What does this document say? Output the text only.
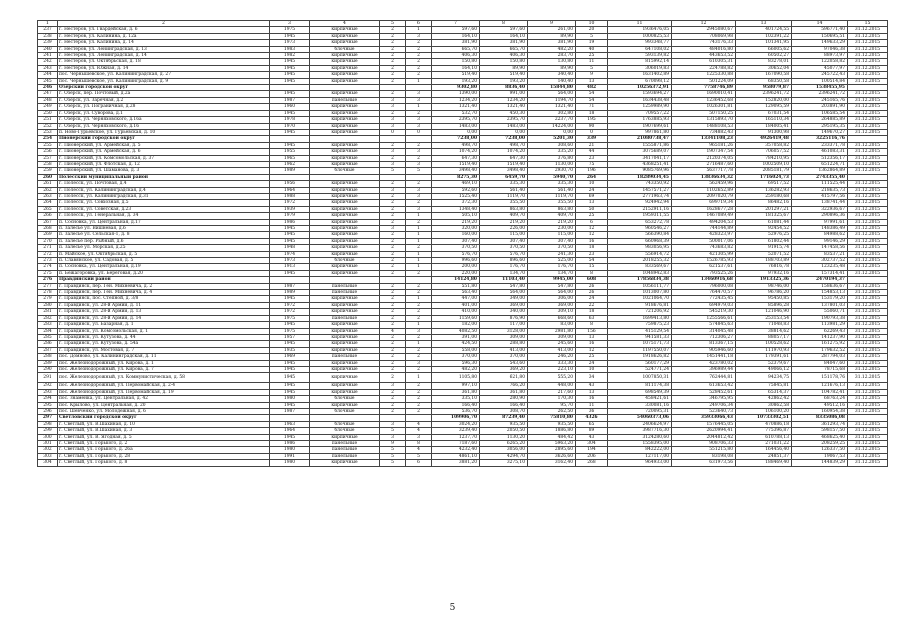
1	2	3	4	5	6	7	8	9	10	11	12	13	14	15
237	г. Нестеров, ул. Гвардейская, д. 6	1975	кирпичные	2	1	597,60	597,60	261,00	20	1936476,05	2945080,67	401724,55	596771,40	31.12.2015
238	г. Нестеров, ул. Калинина, д. 12а	1945	кирпичные	2	3	164,10	164,10	89,90	5	1000825,53	708069,98	102391,22	150695,51	31.12.2015
239	г. Нестеров, ул. Калинина, д. 14	1973	кирпичные	2	2	381,90	381,90	381,90	19	993348,77	743176,33	101341,95	149633,29	31.12.2015
240	г. Нестеров, ул. Ленинградская, д. 13	1983	блочные	2	2	665,70	665,70	482,20	40	647108,02	484016,80	66005,62	97046,38	31.12.2015
241	г. Нестеров, ул. Ленинградская, д. 14	1982	кирпичные	2	2	406,30	406,30	283,70	25	593139,82	443653,52	60502,27	88973,97	31.12.2015
242	г. Нестеров, ул. Октябрьская, д. 18	1945	кирпичные	2	2	150,80	150,80	130,80	11	815992,14	610305,31	83278,01	122058,82	31.12.2015
243	г. Нестеров, ул. Южная, д. 14	1945	кирпичные	2	2	164,10	89,90	89,90	5	306019,83	224788,82	30652,04	45077,97	31.12.2015
244	пос. Чернышевское, ул. Калининградская, д. 27	1945	кирпичные	2	2	519,40	519,40	340,40	9	1631402,89	1225330,88	167090,58	245722,43	31.12.2015
245	пос. Чернышевское, ул. Калининградская, д. 9	1945	кирпичные	2	1	193,20	193,20	140,40	13	670098,12	501224,09	68350,58	100514,84	31.12.2015
246	Озёрский городской округ					9302,80	8836,40	15844,80	482	10256372,91	7758746,89	958079,87	1538455,95	
247	г. Озерск, пер. Почтовый, д.2а	1945	кирпичные	2	3	1390,00	991,00	564,00	54	1593694,27	1690010,41	2396241,72	2396241,72	31.12.2015
248	г. Озерск, ул. Заречная, д.2	1987	панельные	3	3	1234,20	1234,20	1194,70	54	1634438,48	1236452,68	152820,00	245165,76	31.12.2015
249	г. Озерск, ул. Пограничная, д.28	1960	кирпичные	3	1	1321,40	1321,40	1321,40	71	1259989,90	1026301,81	129095,59	203891,90	31.12.2015
250	г. Озерск, ул. Суворова, д.1	1945	кирпичные	2	2	532,70	450,30	302,80	18	709557,22	507150,25	67031,54	106585,54	31.12.2015
251	г. Озерск, ул. Черняховского, д.16а	1978	кирпичные	3	3	2395,70	2395,70	2237,70	195	1763885,93	1315893,70	165110,34	264885,89	31.12.2015
252	г. Озерск, ул. Черняховского, д.16	1970	кирпичные	3	3	1483,00	1483,00	14224,00	90	1907699,61	1488108,53	184005,41	295195,35	31.12.2015
253	п. Ново-Гурьевское, ул. Гурьевская, д. 10	1945	кирпичные	0	0	0,00	0,00	0,00	0	997861,80	734882,43	91300,98	149670,27	31.12.2015
254	Пионерский городской округ					7238,00	7238,00	5201,30	339	21080738,47	13341108,23	4926419,48	3225116,76	
255	г. Пионерский, ул. Армейская, д. 5	1945	кирпичные	2	2	498,70	498,70	308,60	21	1555871,86	965181,26	357058,82	233371,78	31.12.2015
256	г. Пионерский, ул. Армейская, д. 6	1955	кирпичные	3	3	1074,20	1074,20	335,20	44	3075689,07	1907347,54	706057,52	461083,31	31.12.2015
257	г. Пионерский, ул. Комсомольская, д. 37	1965	кирпичные	2	2	647,30	647,30	376,80	23	3417041,17	2120374,05	784210,95	512356,17	31.12.2015
258	г. Пионерский, ул. Флотская, д. 12	1962	кирпичные	3	3	1519,40	1519,40	1130,00	75	4368251,41	2716487,60	1002509,10	651224,71	31.12.2015
259	г. Пионерский, ул. Шаманова, д. 3	1989	блочные	5	5	3498,40	3498,40	2930,70	196	9085769,96	5637717,78	2085181,79	1362864,89	31.12.2015
260	Полесский муниципальный район					8275,30	6459,70	5940,70	264	18289034,45	13836634,32	1716024,73	2743355,40	
261	г. Полесск, ул. Почтовая, д.4	1956	кирпичные	2	2	469,10	335,30	335,30	10	743350,92	562459,96	69517,52	111525,44	31.12.2015
262	г. Полесск, ул. Калининградская, д.4	1964	кирпичные	3	3	592,60	561,40	561,40	24	1457571,27	1102652,89	136282,93	218635,73	31.12.2015
263	г. Полесск, ул. Калининградская, д.31	1988	кирпичные	2	3	1525,40	1119,70	1119,70	69	2771963,74	2097020,79	259180,68	415797,56	31.12.2015
264	г. Полесск, ул. Совхозная, д.5	1972	кирпичные	2	2	372,30	355,50	355,50	13	924942,94	699719,34	86482,16	138741,44	31.12.2015
265	г. Полесск, ул. Советская, д.23	1939	кирпичные	2	3	1348,40	863,80	863,80	50	2152911,16	1628677,28	201297,21	322936,67	31.12.2015
266	г. Полесск, ул. Генеральная, д. 34	1979	кирпичные	2	1	505,10	409,70	409,70	25	1959311,55	1467089,49	181325,67	290896,36	31.12.2015
267	п. Сосновка, ул. Центральная, д.17	1986	кирпичные	2	2	219,20	219,20	219,20	6	653272,78	494204,53	61081,44	97991,61	31.12.2015
268	п. Залесье ул. Вишнёвая, д.6	1945	кирпичные	3	1	320,00	226,00	230,00	12	960546,27	744144,89	92454,52	148386,49	31.12.2015
269	п. Залесье ул. Сельская-1, д. 8	1945	кирпичные	2	1	160,00	115,00	115,00	12	566390,84	428323,97	52976,25	84988,62	31.12.2015
270	п. Залесье пер. Рыбный, д.6	1945	кирпичные	2	1	307,40	307,40	307,40	16	660968,39	500017,06	61802,44	99146,29	31.12.2015
271	п. Залесье ул. Морская, д.25	1948	кирпичные	2	2	370,50	370,50	370,50	18	983056,95	743683,82	91915,74	147458,56	31.12.2015
272	п. Майское, ул. Октябрьская, д. 5	1974	кирпичные	2	1	576,70	576,70	241,30	23	556914,72	421305,99	52071,52	83537,21	31.12.2015
273	п. Славянское, ул. Садовая, д. 5	1973	блочные	2	1	996,60	896,60	525,00	54	2018255,32	1526785,93	188703,89	302737,52	31.12.2015
274	п. Сосновка, ул. Центральная, д.19	1913	кирпичные	2	1	200,00	176,70	176,70	15	833569,67	621537,61	76816,78	123235,48	31.12.2015
275	п. Бежагоровка, ул. Береговая, д.20	1945	кирпичные	2	2	220,00	134,70	134,70	8	1048942,83	793525,26	97932,16	157314,41	31.12.2015
276	Правдинский район					14124,80	11103,40	9945,00	608	17856834,38	13460916,68	1913325,36	2470194,37	
277	г. Правдинск, пер. Ген. Михневича, д. 2	1987	панельные	2	2	551,80	547,80	547,80	26	1056111,77	796000,08	98746,00	158636,67	31.12.2015
278	г. Правдинск, пер. Ген. Михневича, д. 4	1989	панельные	2	2	563,40	564,00	564,00	26	1013007,80	764470,57	96786,20	154853,13	31.12.2015
279	г. Правдинск, пос. Степной, д. 3/8	1945	кирпичные	2	1	447,00	349,00	306,00	24	1021064,70	772435,45	95450,85	153179,20	31.12.2015
280	г. Правдинск, ул. 28-й Армии, д. 11	1972	кирпичные	2	2	401,00	369,00	369,00	22	918676,81	694979,03	85896,28	137801,03	31.12.2015
281	г. Правдинск, ул. 28-й Армии, д. 13	1972	кирпичные	2	2	410,00	340,00	309,10	18	721206,92	545219,30	121046,90	55060,71	31.12.2015
282	г. Правдинск, ул. 28-й Армии, д. 14	1975	панельные	2	2	1159,60	876,90	668,60	63	1699413,80	1255566,61	253153,54	190793,38	31.12.2015
283	г. Правдинск, ул. Базарная, д. 1	1945	кирпичные	2	1	182,00	117,00	83,00	8	759875,23	574845,63	71048,83	113981,29	31.12.2015
284	г. Правдинск, ул. Комсомольская, д. 1	1975	кирпичные	4	3	4082,50	3128,00	2981,80	156	415129,54	314045,48	38814,62	62269,43	31.12.2015
285	г. Правдинск, ул. Кутузова, д. 44	1957	кирпичные	2	2	391,00	309,00	309,00	13	941581,33	712306,27	88057,17	141237,90	31.12.2015
286	г. Правдинск, ул. Кутузова, д. 54а	1945	кирпичные	2	1	424,50	288,80	245,60	16	1075171,73	813367,15	100528,62	161275,92	31.12.2015
287	г. Правдинск, ул. Мостовая, д. 7	1935	кирпичные	2	2	558,00	413,00	413,00	12	1197550,07	905946,60	111970,93	179632,52	31.12.2015
288	пос. Домново, ул. Калининградская, д. 11	1969	панельные	2	2	370,00	370,00	246,20	25	1918626,82	1451441,18	179391,61	287794,03	31.12.2015
289	пос. Железнодорожный, ул. Кирова, д. 1	1945	кирпичные	2	3	596,30	543,60	333,30	24	560177,29	423780,02	52379,67	84047,60	31.12.2015
290	пос. Железнодорожный, ул. Кирова, д. 7	1945	кирпичные	2	2	482,20	369,20	223,10	10	524771,24	396989,44	49066,12	78715,68	31.12.2015
291	пос. Железнодорожный, ул. Коммунистическая, д. 58	1945	кирпичные	2	1	1105,80	621,80	555,20	34	1007850,31	762444,81	94234,75	151178,76	31.12.2015
292	пос. Железнодорожный, ул. Первомайская, д. 2-4	1945	кирпичные	3	2	997,10	766,20	448,00	43	811174,38	613653,42	75845,81	121676,13	31.12.2015
293	пос. Железнодорожный, ул. Первомайская, д. 19	1945	кирпичные	2	2	361,80	361,80	217,60	13	698549,39	528452,61	65314,37	104782,41	31.12.2015
294	пос. Знаменка, ул. Центральная, д. 42	1980	блочные	2	2	335,10	280,90	170,30	16	458421,61	346795,95	42862,42	68763,24	31.12.2015
295	пос. Крылово, ул. Центральная, д. 20	1945	кирпичные	2	2	166,40	166,40	95,70	11	330081,16	249706,34	30862,58	49512,16	31.12.2015
296	пос. Шевченко, ул. Молодежная, д. 6	1987	блочные	2	2	536,70	308,70	262,50	36	720095,31	523640,73	106100,20	160954,38	31.12.2015
297	Светловский городской округ					109906,70	87239,40	75810,80	4326	54060373,06	35933066,43	10733302,51	8335086,08	
298	г. Светлый, ул. В.Шахиная, д. 10	1963	блочные	3	4	3024,20	935,50	935,50	65	2406624,97	1576445,05	470886,18	361293,74	31.12.2015
299	г. Светлый, ул. В.Шахиная, д. 3	1964	блочные	5	4	3239,40	2050,50	1886,80	89	3987716,30	2620994,41	775396,87	598157,50	31.12.2015
300	г. Светлый, ул. В. Ягодная, д. 5	1945	кирпичные	3	3	1237,70	1130,20	484,42	43	3124280,60	2044812,42	610788,13	468625,40	31.12.2015
301	г. Светлый, ул. Горького, д. 2	1986	панельные	9	8	7187,60	6265,20	5963,20	304	1558395,00	908706,33	271031,22	208259,25	31.12.2015
302	г. Светлый, ул. Горького, д. 26а	1980	панельные	5	4	4232,40	3056,00	2895,60	194	842222,00	551215,80	164456,40	126337,50	31.12.2015
303	г. Светлый, ул. Горького, д. 28	1991	панельные	5	5	4861,10	4294,70	3626,60	206	127117,00	83198,08	24851,37	19067,53	31.12.2015
304	г. Светлый, ул. Горького, д. 8	1980	кирпичные	5	6	3881,20	3275,10	3162,40	268	964933,00	631973,56	188469,40	144839,29	31.12.2015
5
